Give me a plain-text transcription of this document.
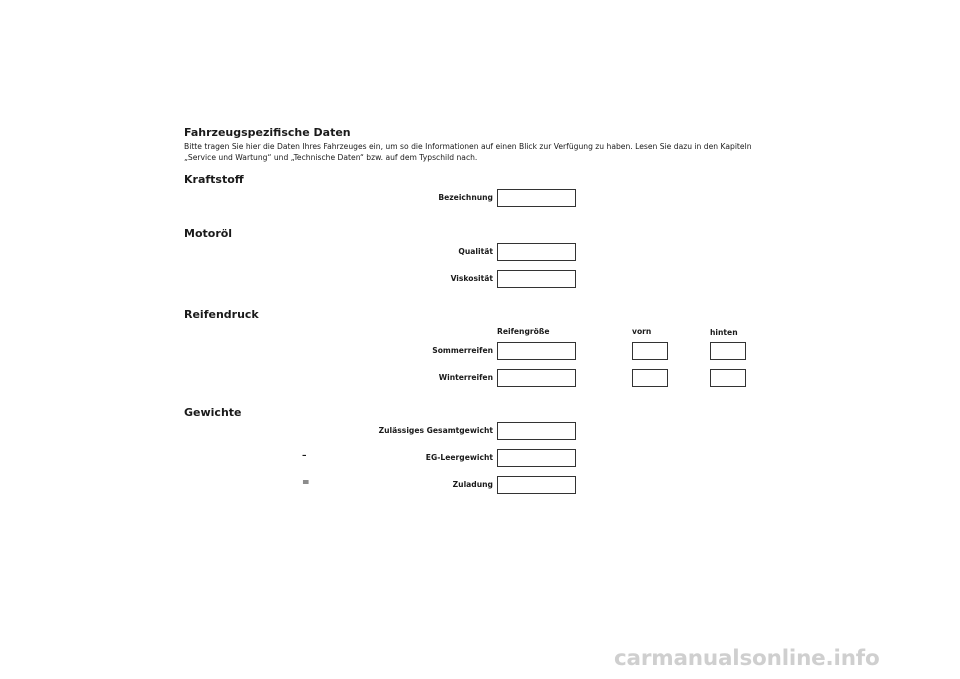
Fahrzeugspezifische Daten
Bitte tragen Sie hier die Daten Ihres Fahrzeuges ein, um so die Informationen auf einen Blick zur Verfügung zu haben. Lesen Sie dazu in den Kapiteln „Service und Wartung“ und „Technische Daten“ bzw. auf dem Typschild nach.
Kraftstoff
Bezeichnung
Motoröl
Qualität
Viskosität
Reifendruck
Reifengröße	vorn	hinten
Sommerreifen
Winterreifen
Gewichte
Zulässiges Gesamtgewicht
–	EG-Leergewicht
=	Zuladung
carmanualsonline.info
